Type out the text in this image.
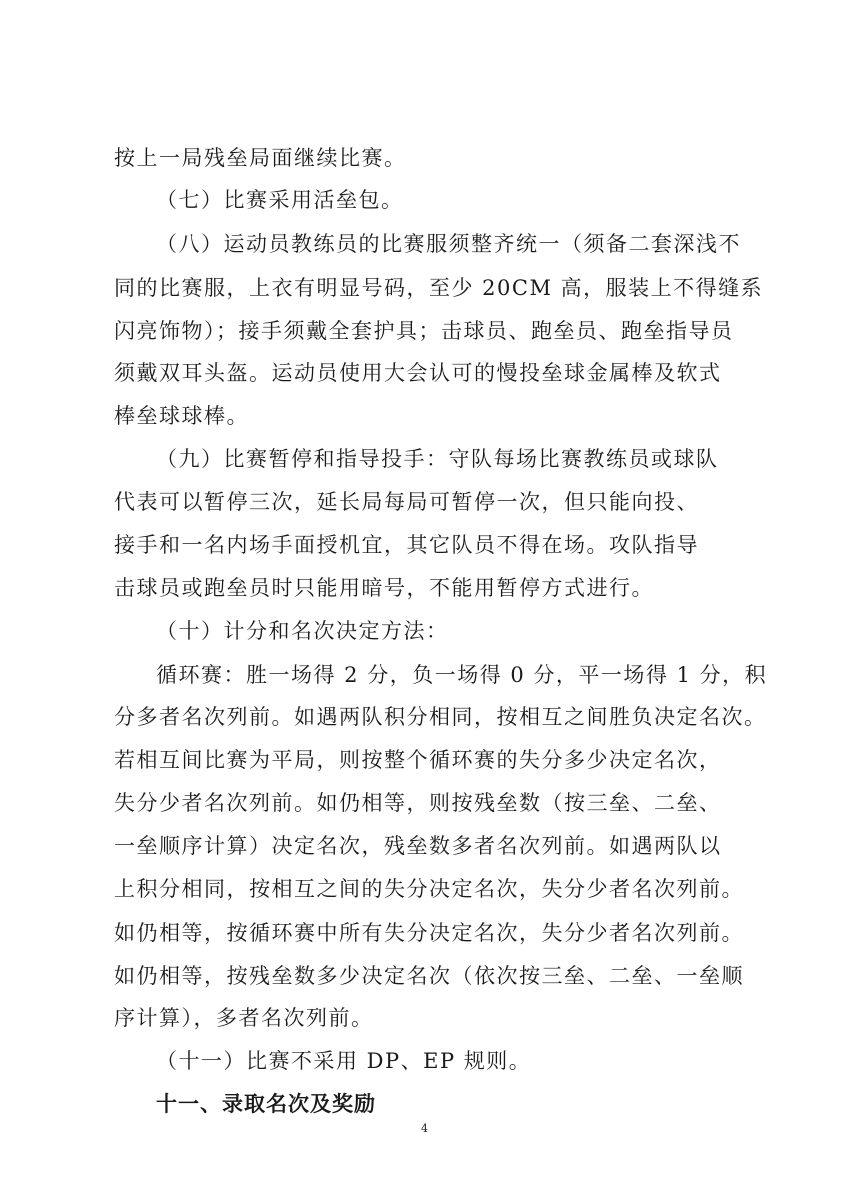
按上一局残垒局面继续比赛。
（七）比赛采用活垒包。
（八）运动员教练员的比赛服须整齐统一（须备二套深浅不
同的比赛服，上衣有明显号码，至少 20CM 高，服装上不得缝系
闪亮饰物）；接手须戴全套护具；击球员、跑垒员、跑垒指导员
须戴双耳头盔。运动员使用大会认可的慢投垒球金属棒及软式
棒垒球球棒。
（九）比赛暂停和指导投手：守队每场比赛教练员或球队
代表可以暂停三次，延长局每局可暂停一次，但只能向投、
接手和一名内场手面授机宜，其它队员不得在场。攻队指导
击球员或跑垒员时只能用暗号，不能用暂停方式进行。
（十）计分和名次决定方法：
循环赛：胜一场得 2 分，负一场得 0 分，平一场得 1 分，积
分多者名次列前。如遇两队积分相同，按相互之间胜负决定名次。
若相互间比赛为平局，则按整个循环赛的失分多少决定名次，
失分少者名次列前。如仍相等，则按残垒数（按三垒、二垒、
一垒顺序计算）决定名次，残垒数多者名次列前。如遇两队以
上积分相同，按相互之间的失分决定名次，失分少者名次列前。
如仍相等，按循环赛中所有失分决定名次，失分少者名次列前。
如仍相等，按残垒数多少决定名次（依次按三垒、二垒、一垒顺
序计算），多者名次列前。
（十一）比赛不采用 DP、EP 规则。
十一、录取名次及奖励
4
